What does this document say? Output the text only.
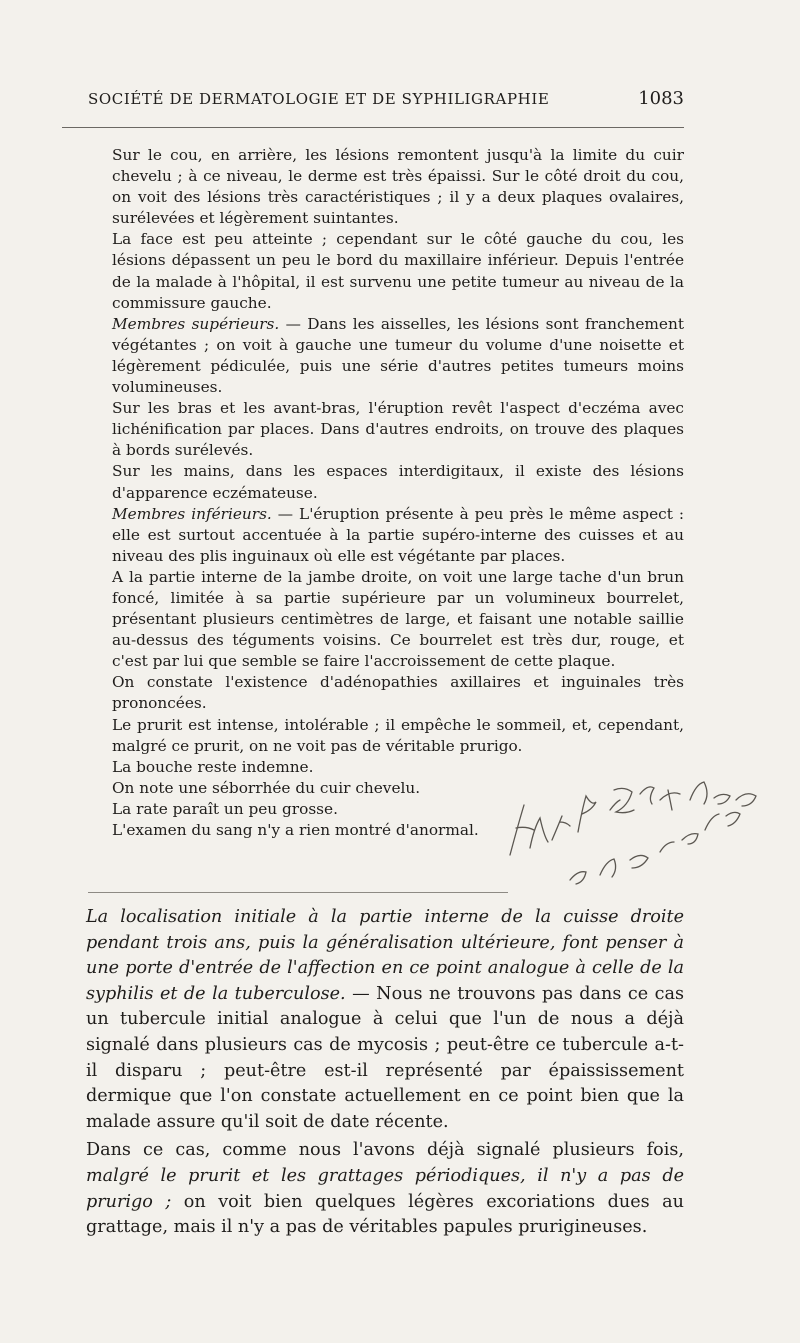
SOCIÉTÉ DE DERMATOLOGIE ET DE SYPHILIGRAPHIE	1083

Sur le cou, en arrière, les lésions remontent jusqu'à la limite du cuir chevelu ; à ce niveau, le derme est très épaissi. Sur le côté droit du cou, on voit des lésions très caractéristiques ; il y a deux plaques ovalaires, surélevées et légèrement suintantes.

La face est peu atteinte ; cependant sur le côté gauche du cou, les lésions dépassent un peu le bord du maxillaire inférieur. Depuis l'entrée de la malade à l'hôpital, il est survenu une petite tumeur au niveau de la commissure gauche.

Membres supérieurs. — Dans les aisselles, les lésions sont franchement végétantes ; on voit à gauche une tumeur du volume d'une noisette et légèrement pédiculée, puis une série d'autres petites tumeurs moins volumineuses.

Sur les bras et les avant-bras, l'éruption revêt l'aspect d'eczéma avec lichénification par places. Dans d'autres endroits, on trouve des plaques à bords surélevés.

Sur les mains, dans les espaces interdigitaux, il existe des lésions d'apparence eczémateuse.

Membres inférieurs. — L'éruption présente à peu près le même aspect : elle est surtout accentuée à la partie supéro-interne des cuisses et au niveau des plis inguinaux où elle est végétante par places.

A la partie interne de la jambe droite, on voit une large tache d'un brun foncé, limitée à sa partie supérieure par un volumineux bourrelet, présentant plusieurs centimètres de large, et faisant une notable saillie au-dessus des téguments voisins. Ce bourrelet est très dur, rouge, et c'est par lui que semble se faire l'accroissement de cette plaque.

On constate l'existence d'adénopathies axillaires et inguinales très prononcées.

Le prurit est intense, intolérable ; il empêche le sommeil, et, cependant, malgré ce prurit, on ne voit pas de véritable prurigo.

La bouche reste indemne.

On note une séborrhée du cuir chevelu.

La rate paraît un peu grosse.

L'examen du sang n'y a rien montré d'anormal.

La localisation initiale à la partie interne de la cuisse droite pendant trois ans, puis la généralisation ultérieure, font penser à une porte d'entrée de l'affection en ce point analogue à celle de la syphilis et de la tuberculose. — Nous ne trouvons pas dans ce cas un tubercule initial analogue à celui que l'un de nous a déjà signalé dans plusieurs cas de mycosis ; peut-être ce tubercule a-t-il disparu ; peut-être est-il représenté par épaississement dermique que l'on constate actuellement en ce point bien que la malade assure qu'il soit de date récente.

Dans ce cas, comme nous l'avons déjà signalé plusieurs fois, malgré le prurit et les grattages périodiques, il n'y a pas de prurigo ; on voit bien quelques légères excoriations dues au grattage, mais il n'y a pas de véritables papules prurigineuses.
